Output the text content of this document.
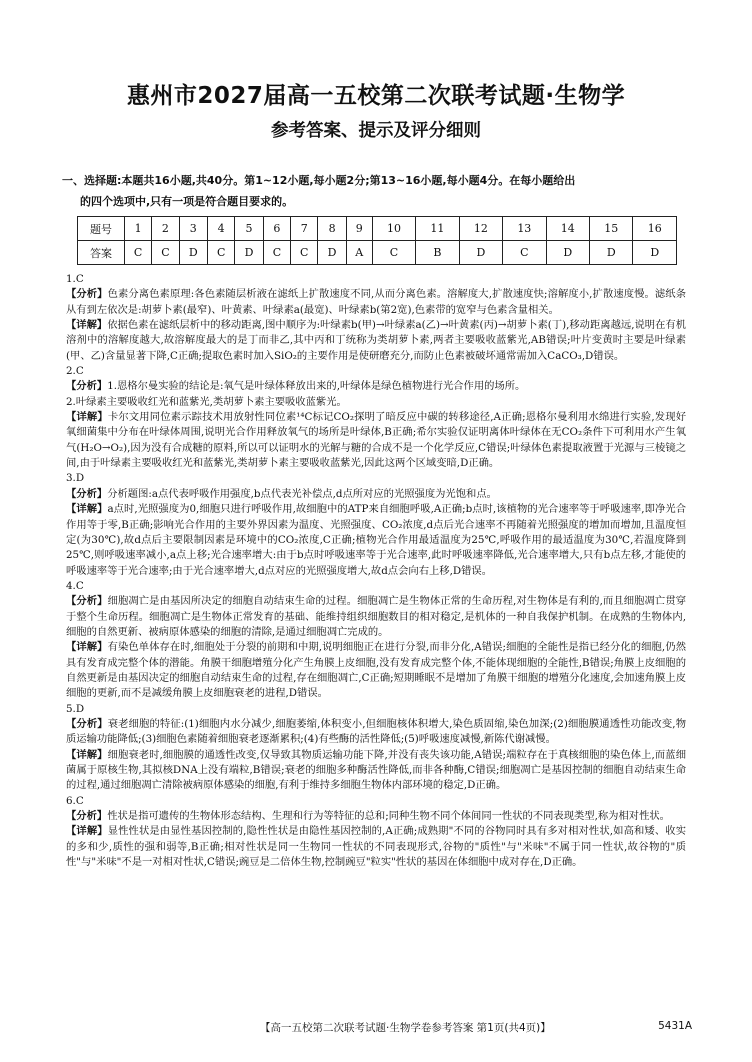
惠州市2027届高一五校第二次联考试题·生物学
参考答案、提示及评分细则
一、选择题:本题共16小题,共40分。第1~12小题,每小题2分;第13~16小题,每小题4分。在每小题给出
的四个选项中,只有一项是符合题目要求的。
题号	1	2	3	4	5	6	7	8	9	10	11	12	13	14	15	16
答案	C	C	D	C	D	C	C	D	A	C	B	D	C	D	D	D

1.C

【分析】色素分离色素原理:各色素随层析液在滤纸上扩散速度不同,从而分离色素。溶解度大,扩散速度快;溶解度小,扩散速度慢。滤纸条从有到左依次是:胡萝卜素(最窄)、叶黄素、叶绿素a(最宽)、叶绿素b(第2宽),色素带的宽窄与色素含量相关。

【详解】依据色素在滤纸层析中的移动距离,图中顺序为:叶绿素b(甲)→叶绿素a(乙)→叶黄素(丙)→胡萝卜素(丁),移动距离越远,说明在有机溶剂中的溶解度越大,故溶解度最大的是丁而非乙,其中丙和丁统称为类胡萝卜素,两者主要吸收蓝紫光,AB错误;叶片变黄时主要是叶绿素(甲、乙)含量显著下降,C正确;提取色素时加入SiO₂的主要作用是使研磨充分,而防止色素被破坏通常需加入CaCO₃,D错误。

2.C

【分析】1.恩格尔曼实验的结论是:氧气是叶绿体释放出来的,叶绿体是绿色植物进行光合作用的场所。

2.叶绿素主要吸收红光和蓝紫光,类胡萝卜素主要吸收蓝紫光。

【详解】卡尔文用同位素示踪技术用放射性同位素¹⁴C标记CO₂探明了暗反应中碳的转移途径,A正确;恩格尔曼利用水绵进行实验,发现好氧细菌集中分布在叶绿体周围,说明光合作用释放氧气的场所是叶绿体,B正确;希尔实验仅证明离体叶绿体在无CO₂条件下可利用水产生氧气(H₂O→O₂),因为没有合成糖的原料,所以可以证明水的光解与糖的合成不是一个化学反应,C错误;叶绿体色素提取液置于光源与三棱镜之间,由于叶绿素主要吸收红光和蓝紫光,类胡萝卜素主要吸收蓝紫光,因此这两个区域变暗,D正确。

3.D

【分析】分析题图:a点代表呼吸作用强度,b点代表光补偿点,d点所对应的光照强度为光饱和点。

【详解】a点时,光照强度为0,细胞只进行呼吸作用,故细胞中的ATP来自细胞呼吸,A正确;b点时,该植物的光合速率等于呼吸速率,即净光合作用等于零,B正确;影响光合作用的主要外界因素为温度、光照强度、CO₂浓度,d点后光合速率不再随着光照强度的增加而增加,且温度恒定(为30℃),故d点后主要限制因素是环境中的CO₂浓度,C正确;植物光合作用最适温度为25℃,呼吸作用的最适温度为30℃,若温度降到25℃,则呼吸速率减小,a点上移;光合速率增大:由于b点时呼吸速率等于光合速率,此时呼吸速率降低,光合速率增大,只有b点左移,才能使的呼吸速率等于光合速率;由于光合速率增大,d点对应的光照强度增大,故d点会向右上移,D错误。

4.C

【分析】细胞凋亡是由基因所决定的细胞自动结束生命的过程。细胞凋亡是生物体正常的生命历程,对生物体是有利的,而且细胞凋亡贯穿于整个生命历程。细胞凋亡是生物体正常发育的基础、能维持组织细胞数目的相对稳定,是机体的一种自我保护机制。在成熟的生物体内,细胞的自然更新、被病原体感染的细胞的清除,是通过细胞凋亡完成的。

【详解】有染色单体存在时,细胞处于分裂的前期和中期,说明细胞正在进行分裂,而非分化,A错误;细胞的全能性是指已经分化的细胞,仍然具有发育成完整个体的潜能。角膜干细胞增殖分化产生角膜上皮细胞,没有发育成完整个体,不能体现细胞的全能性,B错误;角膜上皮细胞的自然更新是由基因决定的细胞自动结束生命的过程,存在细胞凋亡,C正确;短期睡眠不是增加了角膜干细胞的增殖分化速度,会加速角膜上皮细胞的更新,而不是减缓角膜上皮细胞衰老的进程,D错误。

5.D

【分析】衰老细胞的特征:(1)细胞内水分减少,细胞萎缩,体积变小,但细胞核体积增大,染色质固缩,染色加深;(2)细胞膜通透性功能改变,物质运输功能降低;(3)细胞色素随着细胞衰老逐渐累积;(4)有些酶的活性降低;(5)呼吸速度减慢,新陈代谢减慢。

【详解】细胞衰老时,细胞膜的通透性改变,仅导致其物质运输功能下降,并没有丧失该功能,A错误;端粒存在于真核细胞的染色体上,而蓝细菌属于原核生物,其拟核DNA上没有端粒,B错误;衰老的细胞多种酶活性降低,而非各种酶,C错误;细胞凋亡是基因控制的细胞自动结束生命的过程,通过细胞凋亡清除被病原体感染的细胞,有利于维持多细胞生物体内部环境的稳定,D正确。

6.C

【分析】性状是指可遗传的生物体形态结构、生理和行为等特征的总和;同种生物不同个体间同一性状的不同表现类型,称为相对性状。

【详解】显性性状是由显性基因控制的,隐性性状是由隐性基因控制的,A正确;成熟期"不同的谷物同时具有多对相对性状,如高和矮、收实的多和少,质性的强和弱等,B正确;相对性状是同一生物同一性状的不同表现形式,谷物的"质性"与"米味"不属于同一性状,故谷物的"质性"与"米味"不是一对相对性状,C错误;豌豆是二倍体生物,控制豌豆"粒实"性状的基因在体细胞中成对存在,D正确。

【高一五校第二次联考试题·生物学卷参考答案 第1页(共4页)】	5431A
